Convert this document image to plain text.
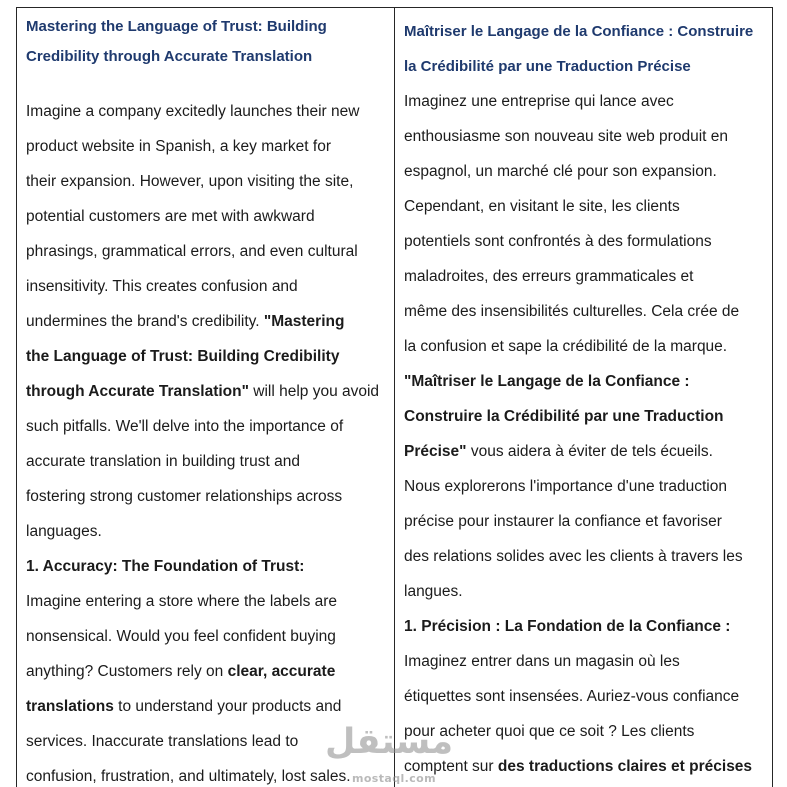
Mastering the Language of Trust: Building
Credibility through Accurate Translation
Imagine a company excitedly launches their new
product website in Spanish, a key market for
their expansion. However, upon visiting the site,
potential customers are met with awkward
phrasings, grammatical errors, and even cultural
insensitivity. This creates confusion and
undermines the brand's credibility. "Mastering
the Language of Trust: Building Credibility
through Accurate Translation" will help you avoid
such pitfalls. We'll delve into the importance of
accurate translation in building trust and
fostering strong customer relationships across
languages.
1. Accuracy: The Foundation of Trust:
Imagine entering a store where the labels are
nonsensical. Would you feel confident buying
anything? Customers rely on clear, accurate
translations to understand your products and
services. Inaccurate translations lead to
confusion, frustration, and ultimately, lost sales.
Maîtriser le Langage de la Confiance : Construire
la Crédibilité par une Traduction Précise
Imaginez une entreprise qui lance avec
enthousiasme son nouveau site web produit en
espagnol, un marché clé pour son expansion.
Cependant, en visitant le site, les clients
potentiels sont confrontés à des formulations
maladroites, des erreurs grammaticales et
même des insensibilités culturelles. Cela crée de
la confusion et sape la crédibilité de la marque.
"Maîtriser le Langage de la Confiance :
Construire la Crédibilité par une Traduction
Précise" vous aidera à éviter de tels écueils.
Nous explorerons l'importance d'une traduction
précise pour instaurer la confiance et favoriser
des relations solides avec les clients à travers les
langues.
1. Précision : La Fondation de la Confiance :
Imaginez entrer dans un magasin où les
étiquettes sont insensées. Auriez-vous confiance
pour acheter quoi que ce soit ? Les clients
comptent sur des traductions claires et précises
مستقل
mostaql.com
